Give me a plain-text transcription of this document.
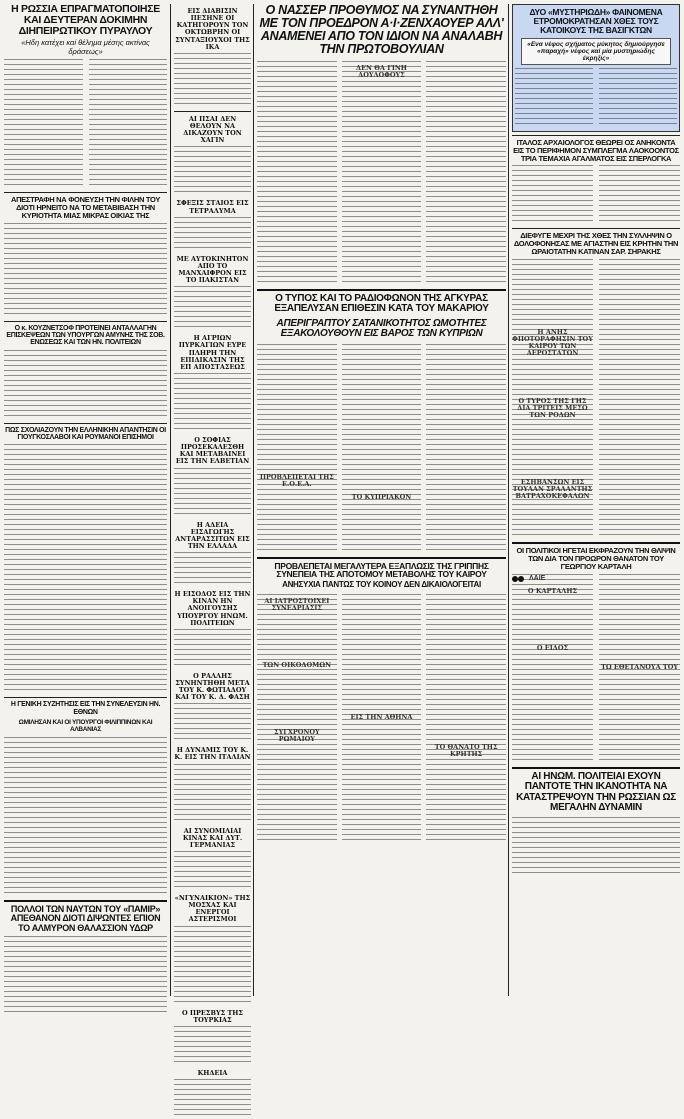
Η ΡΩΣΣΙΑ ΕΠΡΑΓΜΑΤΟΠΟΙΗΣΕ ΚΑΙ ΔΕΥΤΕΡΑΝ ΔΟΚΙΜΗΝ ΔΙΗΠΕΙΡΩΤΙΚΟΥ ΠΥΡΑΥΛΟΥ
«Ηδη κατέχει καί θέλημα μέσης ακτίνας δράσεως»

ΑΠΕΣΤΡΑΦΗ ΝΑ ΦΟΝΕΥΣΗ ΤΗΝ ΦΙΛΗΝ ΤΟΥ ΔΙΟΤΙ ΗΡΝΕΙΤΟ ΝΑ ΤΟ ΜΕΤΑΒΙΒΑΣΗ ΤΗΝ ΚΥΡΙΟΤΗΤΑ ΜΙΑΣ ΜΙΚΡΑΣ ΟΙΚΙΑΣ ΤΗΣ
Ο κ. ΚΟΥΖΝΕΤΣΟΦ ΠΡΟΤΕΙΝΕΙ ΑΝΤΑΛΛΑΓΗΝ ΕΠΙΣΚΕΨΕΩΝ ΤΩΝ ΥΠΟΥΡΓΩΝ ΑΜΥΝΗΣ ΤΗΣ ΣΟΒ. ΕΝΩΣΕΩΣ ΚΑΙ ΤΩΝ ΗΝ. ΠΟΛΙΤΕΙΩΝ
ΠΩΣ ΣΧΟΛΙΑΖΟΥΝ ΤΗΝ ΕΛΛΗΝΙΚΗΝ ΑΠΑΝΤΗΣΙΝ ΟΙ ΓΙΟΥΓΚΟΣΛΑΒΟΙ ΚΑΙ ΡΟΥΜΑΝΟΙ ΕΠΙΣΗΜΟΙ
Η ΓΕΝΙΚΗ ΣΥΖΗΤΗΣΙΣ ΕΙΣ ΤΗΝ ΣΥΝΕΛΕΥΣΙΝ ΗΝ. ΕΘΝΩΝ
ΩΜΙΛΗΣΑΝ ΚΑΙ ΟΙ ΥΠΟΥΡΓΟΙ ΦΙΛΙΠΠΙΝΩΝ ΚΑΙ ΑΛΒΑΝΙΑΣ
ΠΟΛΛΟΙ ΤΩΝ ΝΑΥΤΩΝ ΤΟΥ «ΠΑΜΙΡ» ΑΠΕΘΑΝΟΝ ΔΙΟΤΙ ΔΙΨΩΝΤΕΣ ΕΠΙΟΝ ΤΟ ΑΛΜΥΡΟΝ ΘΑΛΑΣΣΙΟΝ ΥΔΩΡ
ΕΙΣ ΔΙΑΒΙΣΙΝ ΠΕΣΗΝΕ ΟΙ ΚΑΤΗΓΟΡΟΥΝ ΤΟΝ ΟΚΤΩΒΡΗΝ ΟΙ ΣΥΝΤΑΞΙΟΥΧΟΙ ΤΗΣ ΙΚΑ
ΑΙ ΠΣΑΙ ΔΕΝ ΘΕΛΟΥΝ ΝΑ ΔΙΚΑΖΟΥΝ ΤΟΝ ΧΑΓΙΝ
ΣΦΕΞΙΣ ΣΤΑΙΟΣ ΕΙΣ ΤΕΤΡΑΛΥΜΑ
ΜΕ ΑΥΤΟΚΙΝΗΤΟΝ ΑΠΟ ΤΟ ΜΑΝΧΑΙΦΡΟΝ ΕΙΣ ΤΟ ΠΑΚΙΣΤΑΝ
Η ΑΓΡΙΩΝ ΠΥΡΚΑΓΙΩΝ ΕΥΡΕ ΠΛΗΡΗ ΤΗΝ ΕΠΙΔΙΚΑΣΙΝ ΤΗΣ ΕΠ ΑΠΟΣΤΑΣΕΩΣ
Ο ΣΟΦΙΑΣ ΠΡΟΣΕΚΑΛΕΣΘΗ ΚΑΙ ΜΕΤΑΒΑΙΝΕΙ ΕΙΣ ΤΗΝ ΕΛΒΕΤΙΑΝ
Η ΑΔΕΙΑ ΕΙΣΑΓΩΓΗΣ ΑΝΤΑΡΑΣΣΙΤΩΝ ΕΙΣ ΤΗΝ ΕΛΛΑΔΑ
Η ΕΙΣΟΔΟΣ ΕΙΣ ΤΗΝ ΚΙΝΑΝ ΗΝ ΑΝΟΙΓΟΥΣΗΣ ΥΠΟΥΡΓΟΥ ΗΝΩΜ. ΠΟΛΙΤΕΙΩΝ
Ο ΡΑΛΛΗΣ ΣΥΝΗΝΤΗΘΗ ΜΕΤΑ ΤΟΥ Κ. ΦΩΤΙΑΔΟΥ ΚΑΙ ΤΟΥ Κ. Δ. ΦΑΣΗ
Η ΔΥΝΑΜΙΣ ΤΟΥ Κ. Κ. ΕΙΣ ΤΗΝ ΙΤΑΛΙΑΝ
ΑΙ ΣΥΝΟΜΙΛΙΑΙ ΚΙΝΑΣ ΚΑΙ ΔΥΤ. ΓΕΡΜΑΝΙΑΣ
«ΝΓΥΝΑΙΚΙΟΝ» ΤΗΣ ΜΟΣΧΑΣ ΚΑΙ ΕΝΕΡΓΟΙ ΑΣΤΕΡΙΣΜΟΙ
Ο ΠΡΕΣΒΥΣ ΤΗΣ ΤΟΥΡΚΙΑΣ
ΚΗΔΕΙΑ
Ο ΝΑΣΣΕΡ ΠΡΟΘΥΜΟΣ ΝΑ ΣΥΝΑΝΤΗΘΗ ΜΕ ΤΟΝ ΠΡΟΕΔΡΟΝ Α·Ι·ΖΕΝΧΑΟΥΕΡ ΑΛΛ' ΑΝΑΜΕΝΕΙ ΑΠΟ ΤΟΝ ΙΔΙΟΝ ΝΑ ΑΝΑΛΑΒΗ ΤΗΝ ΠΡΩΤΟΒΟΥΛΙΑΝ
ΔΕΝ ΘΑ ΓΙΝΗ ΔΟΥΛΟΦΟΥΣ
Ο ΤΥΠΟΣ ΚΑΙ ΤΟ ΡΑΔΙΟΦΩΝΟΝ ΤΗΣ ΑΓΚΥΡΑΣ ΕΞΑΠΕΛΥΣΑΝ ΕΠΙΘΕΣΙΝ ΚΑΤΑ ΤΟΥ ΜΑΚΑΡΙΟΥ
ΑΠΕΡΙΓΡΑΠΤΟΥ ΣΑΤΑΝΙΚΟΤΗΤΟΣ ΩΜΟΤΗΤΕΣ ΕΞΑΚΟΛΟΥΘΟΥΝ ΕΙΣ ΒΑΡΟΣ ΤΩΝ ΚΥΠΡΙΩΝ
ΠΡΟΒΛΕΠΕΤΑΙ ΤΗΣ Ε.Ο.Ε.Α.
ΤΟ ΚΥΠΡΙΑΚΟΝ
ΠΡΟΒΛΕΠΕΤΑΙ ΜΕΓΑΛΥΤΕΡΑ ΕΞΑΠΛΩΣΙΣ ΤΗΣ ΓΡΙΠΠΗΣ ΣΥΝΕΠΕΙΑ ΤΗΣ ΑΠΟΤΟΜΟΥ ΜΕΤΑΒΟΛΗΣ ΤΟΥ ΚΑΙΡΟΥ
ΑΝΗΣΥΧΙΑ ΠΑΝΤΩΣ ΤΟΥ ΚΟΙΝΟΥ ΔΕΝ ΔΙΚΑΙΟΛΟΓΕΙΤΑΙ
ΑΙ ΙΑΤΡΟΣΤΟΙΧΕΙ ΣΥΝΕΔΡΙΑΣΙΣ
ΤΩΝ ΟΙΚΟΔΟΜΩΝ
ΣΥΓΧΡΟΝΟΥ ΡΩΜΑΙΟΥ
ΕΙΣ ΤΗΝ ΑΘΗΝΑ
ΤΟ ΘΑΝΑΤΟ ΤΗΣ ΚΡΗΤΗΣ
ΔΥΟ «ΜΥΣΤΗΡΙΩΔΗ» ΦΑΙΝΟΜΕΝΑ ΕΤΡΟΜΟΚΡΑΤΗΣΑΝ ΧΘΕΣ ΤΟΥΣ ΚΑΤΟΙΚΟΥΣ ΤΗΣ ΒΑΣΙΓΚΤΩΝ
«Ενα νέφος σχήματος μύκητος δημιούργησε «παραχή» νέφος καί μία μυστηριώδης έκρηξις»
ΙΤΑΛΟΣ ΑΡΧΑΙΟΛΟΓΟΣ ΘΕΩΡΕΙ ΟΣ ΑΝΗΚΟΝΤΑ ΕΙΣ ΤΟ ΠΕΡΙΦΗΜΟΝ ΣΥΜΠΛΕΓΜΑ ΛΑΟΚΟΟΝΤΟΣ ΤΡΙΑ ΤΕΜΑΧΙΑ ΑΓΑΛΜΑΤΟΣ ΕΙΣ ΣΠΕΡΛΟΓΚΑ
ΔΙΕΦΥΓΕ ΜΕΧΡΙ ΤΗΣ ΧΘΕΣ ΤΗΝ ΣΥΛΛΗΨΙΝ Ο ΔΟΛΟΦΟΝΗΣΑΣ ΜΕ ΑΓΙΑΣΤΗΝ ΕΙΣ ΚΡΗΤΗΝ ΤΗΝ ΩΡΑΙΟΤΑΤΗΝ ΚΑΤΙΝΑΝ ΣΑΡ. ΣΗΡΑΚΗΣ
Η ΑΝΗΣ ΦΠΟΤΟΡΑΦΗΣΙΝ ΤΟΥ ΚΑΙΡΟΥ ΤΩΝ ΑΕΡΟΣΤΑΤΩΝ
Ο ΤΥΡΟΣ ΤΗΣ ΓΗΣ ΔΙΑ ΤΡΙΤΕΙΣ ΜΕΣΩ ΤΩΝ ΡΟΔΩΝ
ΕΣΗΒΑΝΣΩΝ ΕΙΣ ΤΟΥΛΑΝ ΣΡΑΛΑΝΤΗΣ ΒΑΤΡΑΧΟΚΕΦΑΛΩΝ
ΟΙ ΠΟΛΙΤΙΚΟΙ ΗΓΕΤΑΙ ΕΚΦΡΑΖΟΥΝ ΤΗΝ ΘΛΙΨΙΝ ΤΩΝ ΔΙΑ ΤΟΝ ΠΡΟΩΡΟΝ ΘΑΝΑΤΟΝ ΤΟΥ ΓΕΩΡΓΙΟΥ ΚΑΡΤΑΛΗ
ΛΑΙΕ
Ο ΚΑΡΤΑΛΗΣ
Ο ΕΙΔΟΣ
ΤΩ ΕΘΕΤΑΝΟΥΑ ΤΟΥ
ΑΙ ΗΝΩΜ. ΠΟΛΙΤΕΙΑΙ ΕΧΟΥΝ ΠΑΝΤΟΤΕ ΤΗΝ ΙΚΑΝΟΤΗΤΑ ΝΑ ΚΑΤΑΣΤΡΕΨΟΥΝ ΤΗΝ ΡΩΣΣΙΑΝ ΩΣ ΜΕΓΑΛΗΝ ΔΥΝΑΜΙΝ
